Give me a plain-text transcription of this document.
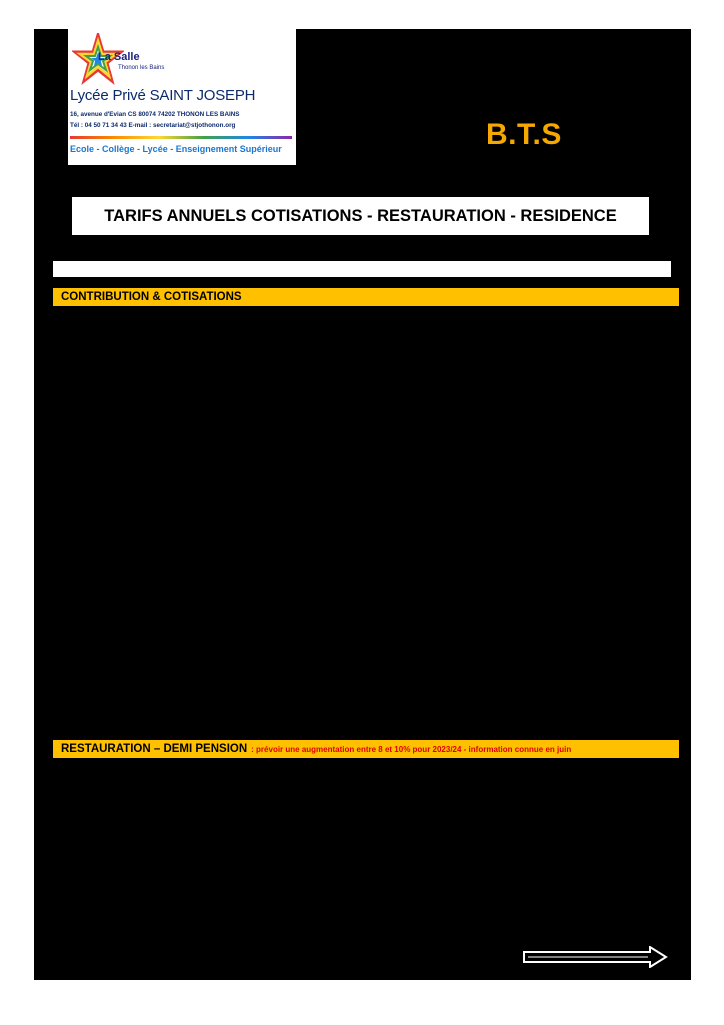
La Salle
Thonon les Bains
Lycée Privé SAINT JOSEPH
16, avenue d'Evian CS 80074 74202 THONON LES BAINS
Tél : 04 50 71 34 43 E-mail : secretariat@stjothonon.org
Ecole - Collège - Lycée - Enseignement Supérieur	B.T.S
TARIFS ANNUELS COTISATIONS - RESTAURATION - RESIDENCE
CONTRIBUTION & COTISATIONS
RESTAURATION – DEMI PENSION : prévoir une augmentation entre 8 et 10% pour 2023/24 - information connue en juin
